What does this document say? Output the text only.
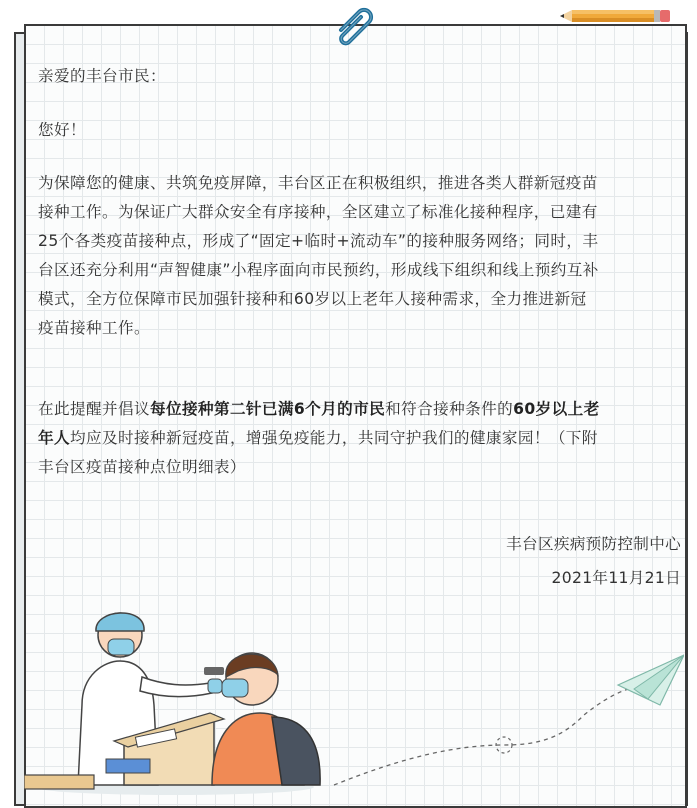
亲爱的丰台市民：

您好！

为保障您的健康、共筑免疫屏障，丰台区正在积极组织，推进各类人群新冠疫苗
接种工作。为保证广大群众安全有序接种，全区建立了标准化接种程序，已建有
25个各类疫苗接种点，形成了“固定+临时+流动车”的接种服务网络；同时，丰
台区还充分利用“声智健康”小程序面向市民预约，形成线下组织和线上预约互补
模式，全方位保障市民加强针接种和60岁以上老年人接种需求，全力推进新冠
疫苗接种工作。

在此提醒并倡议每位接种第二针已满6个月的市民和符合接种条件的60岁以上老
年人均应及时接种新冠疫苗，增强免疫能力，共同守护我们的健康家园！（下附
丰台区疫苗接种点位明细表）

丰台区疾病预防控制中心
2021年11月21日
